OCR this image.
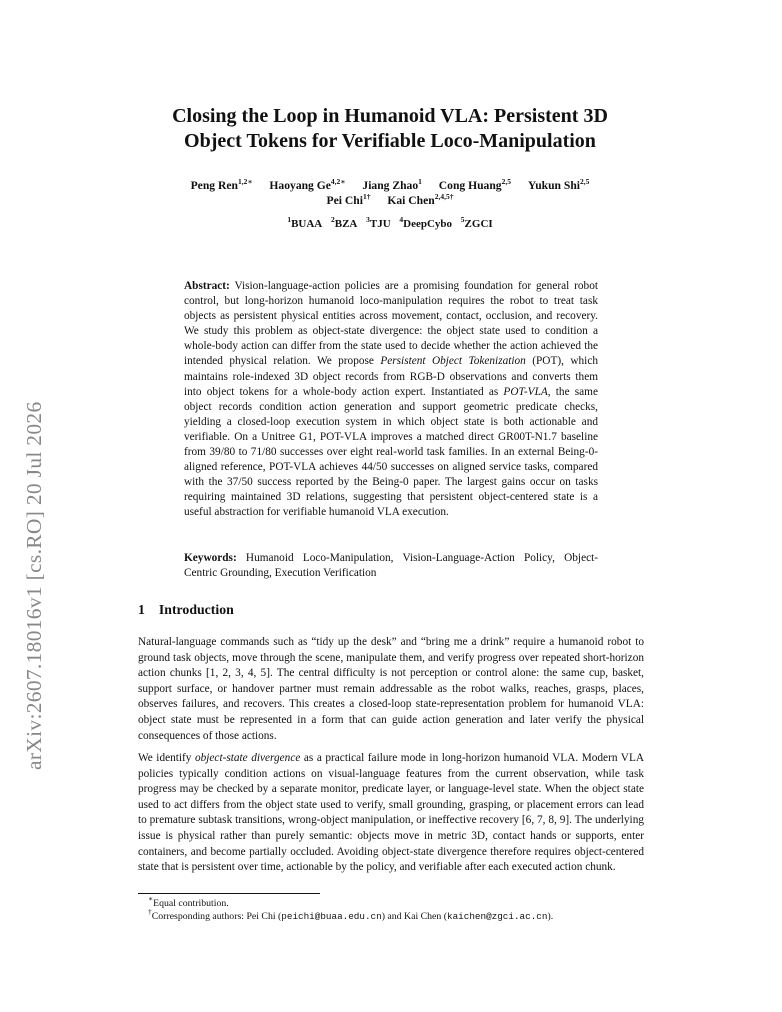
arXiv:2607.18016v1 [cs.RO] 20 Jul 2026
Closing the Loop in Humanoid VLA: Persistent 3D
Object Tokens for Verifiable Loco-Manipulation
Peng Ren$^{1,2∗}$ Haoyang $Ge^{4,2∗}$ Jiang Zhao$^1$ Cong Huang$^{2,5}$ Yukun Shi$^{2,5}$
Pei Chi$^{1\dagger}$ Kai Chen$^{2,4,5\dagger}$
$^1$BUAA $^2$BZA $^3$TJU $^4$DeepCybo $^5$ZGCI
Abstract: Vision-language-action policies are a promising foundation for general robot control, but long-horizon humanoid loco-manipulation requires the robot to treat task objects as persistent physical entities across movement, contact, occlusion, and recovery. We study this problem as object-state divergence: the object state used to condition a whole-body action can differ from the state used to decide whether the action achieved the intended physical relation. We propose Persistent Object Tokenization (POT), which maintains role-indexed 3D object records from RGB-D observations and converts them into object tokens for a whole-body action expert. Instantiated as POT-VLA, the same object records condition action generation and support geometric predicate checks, yielding a closed-loop execution system in which object state is both actionable and verifiable. On a Unitree G1, POT-VLA improves a matched direct GR00T-N1.7 baseline from 39/80 to 71/80 successes over eight real-world task families. In an external Being-0-aligned reference, POT-VLA achieves 44/50 successes on aligned service tasks, compared with the 37/50 success reported by the Being-0 paper. The largest gains occur on tasks requiring maintained 3D relations, suggesting that persistent object-centered state is a useful abstraction for verifiable humanoid VLA execution.
Keywords: Humanoid Loco-Manipulation, Vision-Language-Action Policy, Object-Centric Grounding, Execution Verification
1 Introduction
Natural-language commands such as “tidy up the desk” and “bring me a drink” require a humanoid robot to ground task objects, move through the scene, manipulate them, and verify progress over repeated short-horizon action chunks [1, 2, 3, 4, 5]. The central difficulty is not perception or control alone: the same cup, basket, support surface, or handover partner must remain addressable as the robot walks, reaches, grasps, places, observes failures, and recovers. This creates a closed-loop state-representation problem for humanoid VLA: object state must be represented in a form that can guide action generation and later verify the physical consequences of those actions.
We identify object-state divergence as a practical failure mode in long-horizon humanoid VLA. Modern VLA policies typically condition actions on visual-language features from the current observation, while task progress may be checked by a separate monitor, predicate layer, or language-level state. When the object state used to act differs from the object state used to verify, small grounding, grasping, or placement errors can lead to premature subtask transitions, wrong-object manipulation, or ineffective recovery [6, 7, 8, 9]. The underlying issue is physical rather than purely semantic: objects move in metric 3D, contact hands or supports, enter containers, and become partially occluded. Avoiding object-state divergence therefore requires object-centered state that is persistent over time, actionable by the policy, and verifiable after each executed action chunk.
∗Equal contribution.
†Corresponding authors: Pei Chi (peichi@buaa.edu.cn) and Kai Chen (kaichen@zgci.ac.cn).
